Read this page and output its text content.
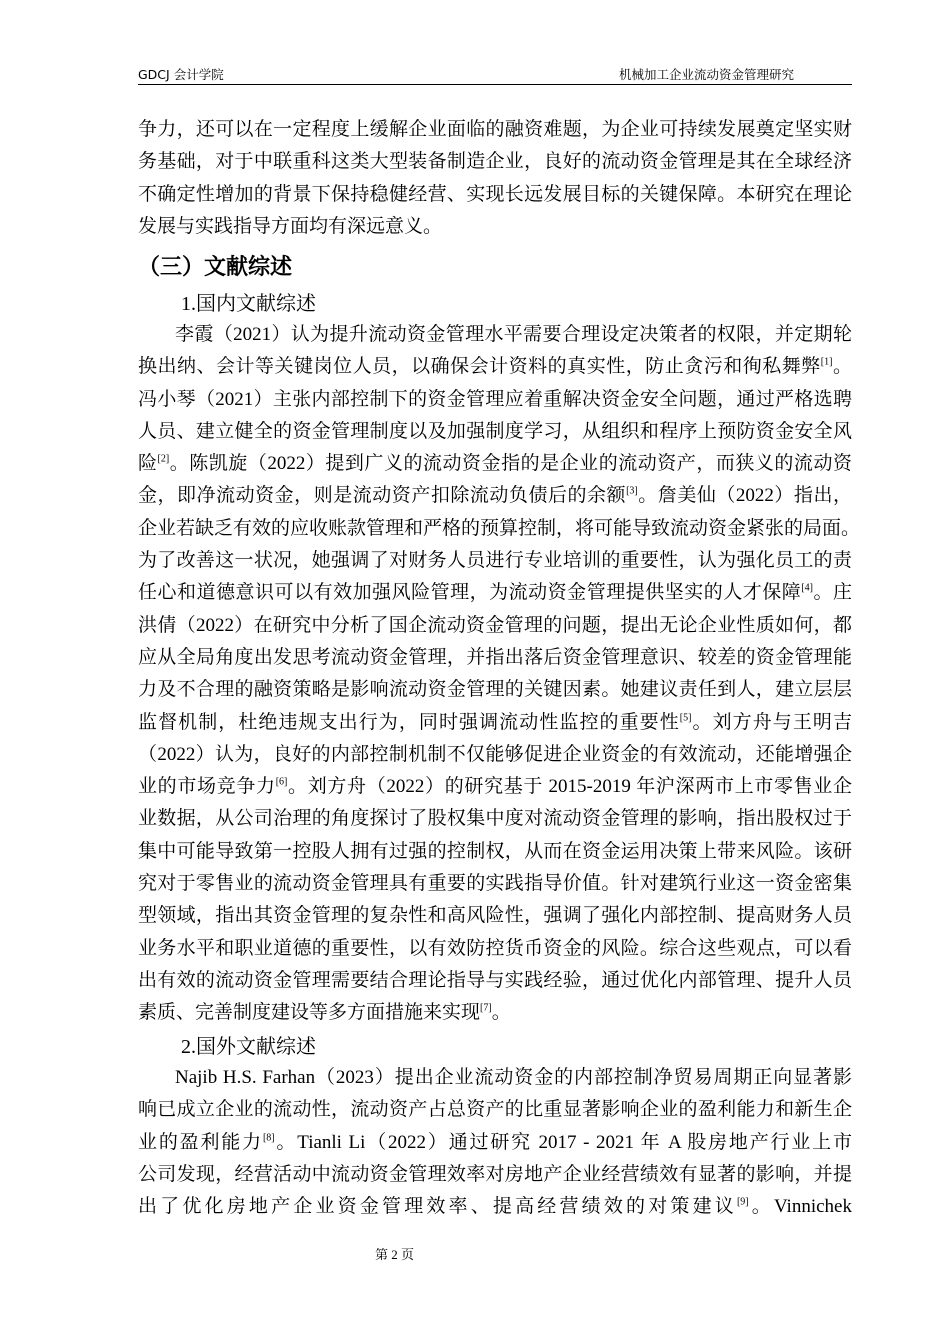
GDCJ 会计学院	机械加工企业流动资金管理研究
争力，还可以在一定程度上缓解企业面临的融资难题，为企业可持续发展奠定坚实财
务基础，对于中联重科这类大型装备制造企业，良好的流动资金管理是其在全球经济
不确定性增加的背景下保持稳健经营、实现长远发展目标的关键保障。本研究在理论
发展与实践指导方面均有深远意义。
（三）文献综述
1.国内文献综述
李霞（2021）认为提升流动资金管理水平需要合理设定决策者的权限，并定期轮
换出纳、会计等关键岗位人员，以确保会计资料的真实性，防止贪污和徇私舞弊[1]。
冯小琴（2021）主张内部控制下的资金管理应着重解决资金安全问题，通过严格选聘
人员、建立健全的资金管理制度以及加强制度学习，从组织和程序上预防资金安全风
险[2]。陈凯旋（2022）提到广义的流动资金指的是企业的流动资产，而狭义的流动资
金，即净流动资金，则是流动资产扣除流动负债后的余额[3]。詹美仙（2022）指出，
企业若缺乏有效的应收账款管理和严格的预算控制，将可能导致流动资金紧张的局面。
为了改善这一状况，她强调了对财务人员进行专业培训的重要性，认为强化员工的责
任心和道德意识可以有效加强风险管理，为流动资金管理提供坚实的人才保障[4]。庄
洪倩（2022）在研究中分析了国企流动资金管理的问题，提出无论企业性质如何，都
应从全局角度出发思考流动资金管理，并指出落后资金管理意识、较差的资金管理能
力及不合理的融资策略是影响流动资金管理的关键因素。她建议责任到人，建立层层
监督机制，杜绝违规支出行为，同时强调流动性监控的重要性[5]。刘方舟与王明吉
（2022）认为，良好的内部控制机制不仅能够促进企业资金的有效流动，还能增强企
业的市场竞争力[6]。刘方舟（2022）的研究基于 2015-2019 年沪深两市上市零售业企
业数据，从公司治理的角度探讨了股权集中度对流动资金管理的影响，指出股权过于
集中可能导致第一控股人拥有过强的控制权，从而在资金运用决策上带来风险。该研
究对于零售业的流动资金管理具有重要的实践指导价值。针对建筑行业这一资金密集
型领域，指出其资金管理的复杂性和高风险性，强调了强化内部控制、提高财务人员
业务水平和职业道德的重要性，以有效防控货币资金的风险。综合这些观点，可以看
出有效的流动资金管理需要结合理论指导与实践经验，通过优化内部管理、提升人员
素质、完善制度建设等多方面措施来实现[7]。
2.国外文献综述
Najib H.S. Farhan（2023）提出企业流动资金的内部控制净贸易周期正向显著影
响已成立企业的流动性，流动资产占总资产的比重显著影响企业的盈利能力和新生企
业的盈利能力[8]。Tianli Li（2022）通过研究 2017 - 2021 年 A 股房地产行业上市
公司发现，经营活动中流动资金管理效率对房地产企业经营绩效有显著的影响，并提
出了优化房地产企业资金管理效率、提高经营绩效的对策建议[9]。Vinnichek
第 2 页
